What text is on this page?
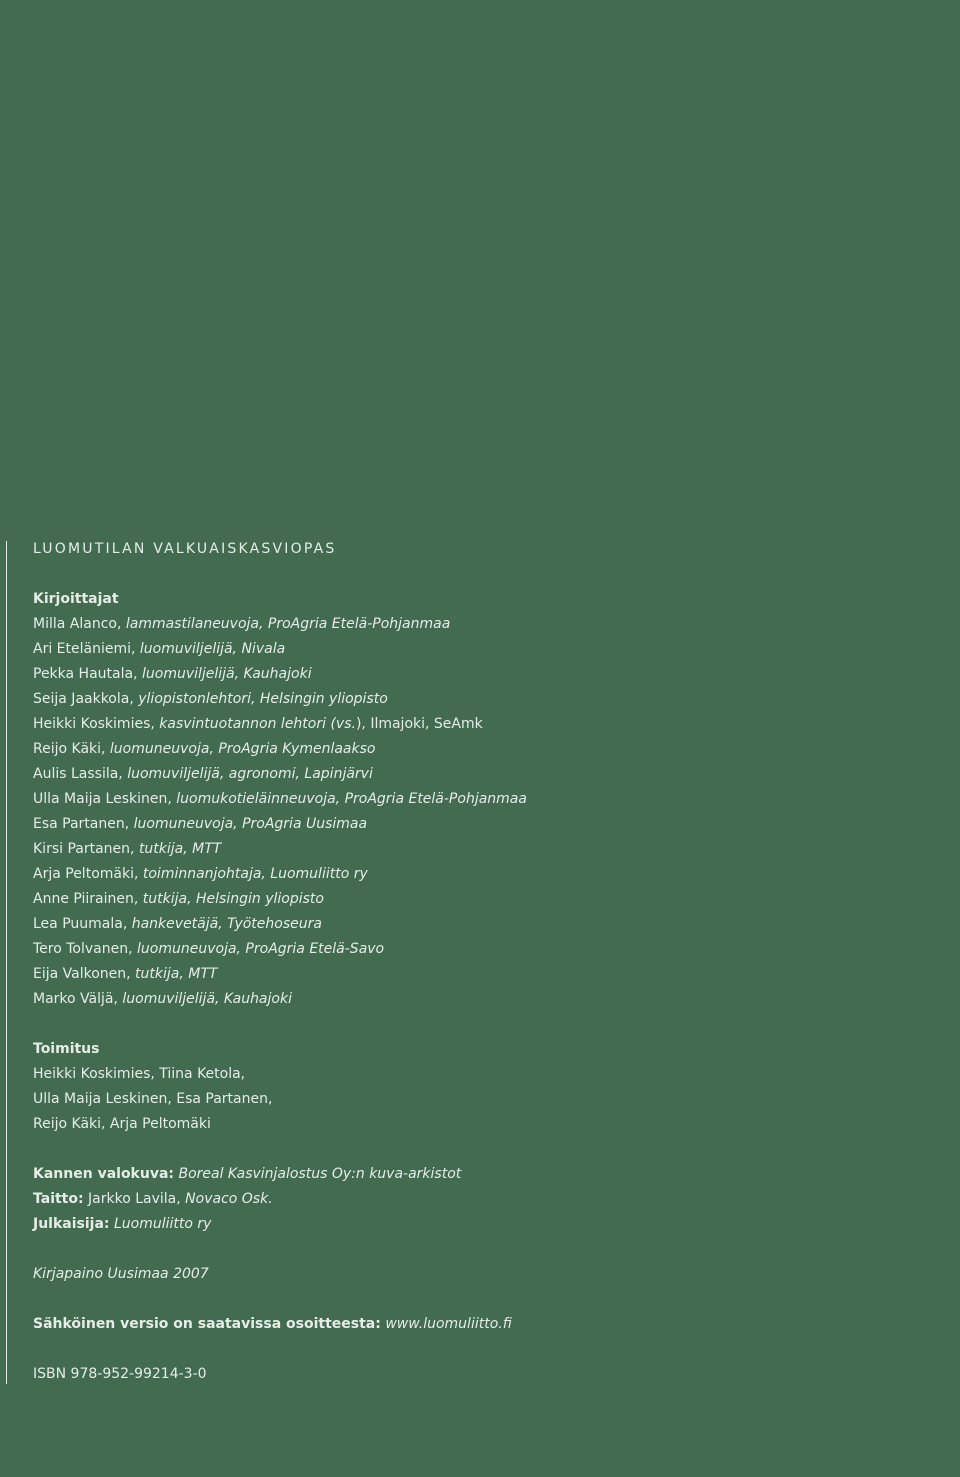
LUOMUTILAN VALKUAISKASVIOPAS
Kirjoittajat
Milla Alanco, lammastilaneuvoja, ProAgria Etelä-Pohjanmaa
Ari Eteläniemi, luomuviljelijä, Nivala
Pekka Hautala, luomuviljelijä, Kauhajoki
Seija Jaakkola, yliopistonlehtori, Helsingin yliopisto
Heikki Koskimies, kasvintuotannon lehtori (vs.), Ilmajoki, SeAmk
Reijo Käki, luomuneuvoja, ProAgria Kymenlaakso
Aulis Lassila, luomuviljelijä, agronomi, Lapinjärvi
Ulla Maija Leskinen, luomukotieläinneuvoja, ProAgria Etelä-Pohjanmaa
Esa Partanen, luomuneuvoja, ProAgria Uusimaa
Kirsi Partanen, tutkija, MTT
Arja Peltomäki, toiminnanjohtaja, Luomuliitto ry
Anne Piirainen, tutkija, Helsingin yliopisto
Lea Puumala, hankevetäjä, Työtehoseura
Tero Tolvanen, luomuneuvoja, ProAgria Etelä-Savo
Eija Valkonen, tutkija, MTT
Marko Väljä, luomuviljelijä, Kauhajoki
Toimitus
Heikki Koskimies, Tiina Ketola,
Ulla Maija Leskinen, Esa Partanen,
Reijo Käki, Arja Peltomäki
Kannen valokuva: Boreal Kasvinjalostus Oy:n kuva-arkistot
Taitto: Jarkko Lavila, Novaco Osk.
Julkaisija: Luomuliitto ry
Kirjapaino Uusimaa 2007
Sähköinen versio on saatavissa osoitteesta: www.luomuliitto.fi
ISBN 978-952-99214-3-0
